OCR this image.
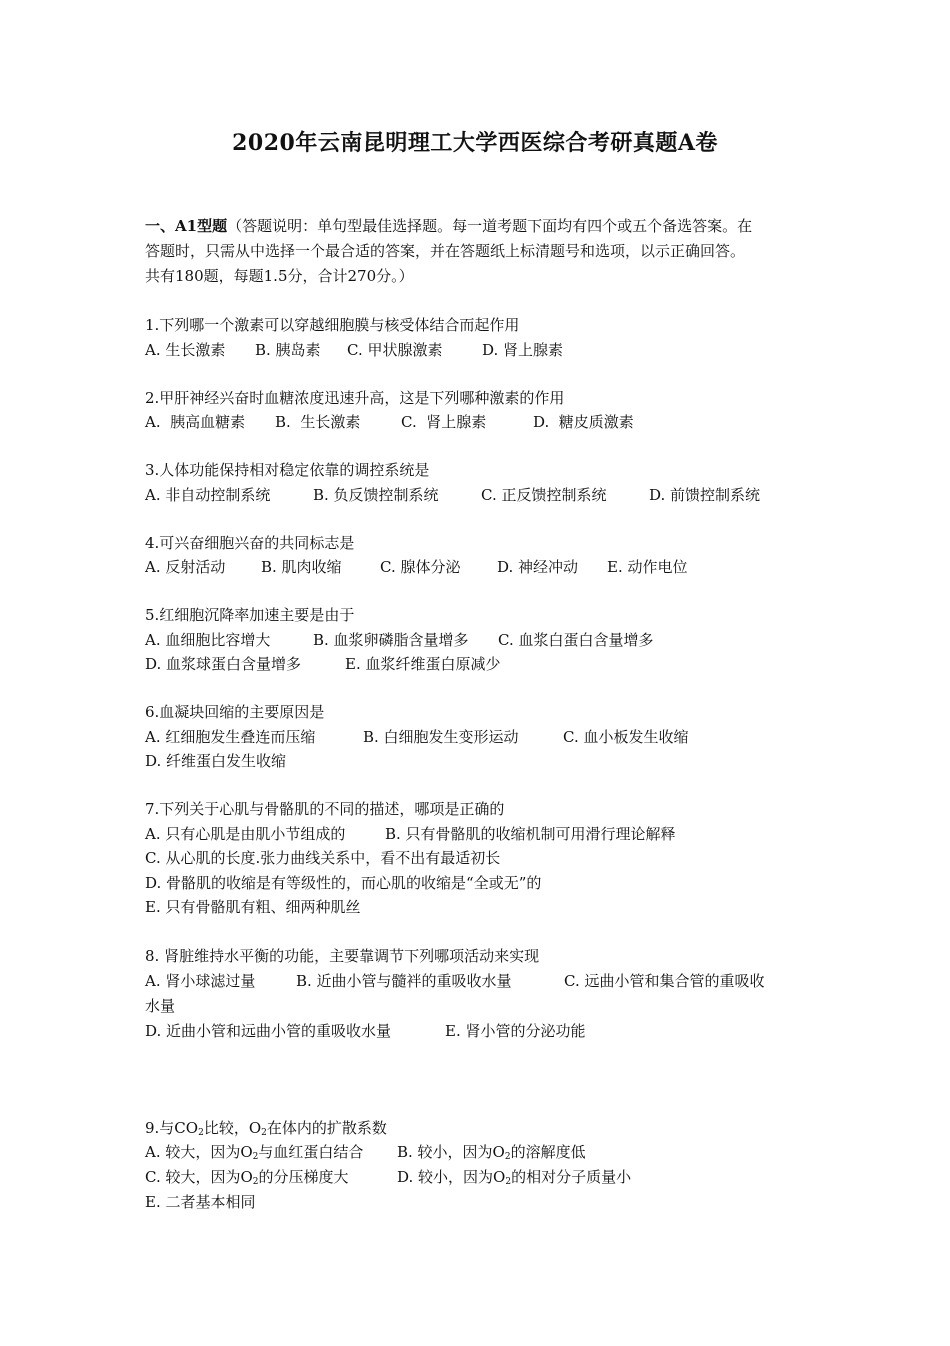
2020年云南昆明理工大学西医综合考研真题A卷
一、A1型题（答题说明：单句型最佳选择题。每一道考题下面均有四个或五个备选答案。在
答题时，只需从中选择一个最合适的答案，并在答题纸上标清题号和选项，以示正确回答。
共有180题，每题1.5分，合计270分。）
1.下列哪一个激素可以穿越细胞膜与核受体结合而起作用
A. 生长激素 B. 胰岛素 C. 甲状腺激素	D. 肾上腺素
2.甲肝神经兴奋时血糖浓度迅速升高，这是下列哪种激素的作用
A.  胰高血糖素 B.  生长激素	C.  肾上腺素	D.  糖皮质激素
3.人体功能保持相对稳定依靠的调控系统是
A. 非自动控制系统	B. 负反馈控制系统	C. 正反馈控制系统	D. 前馈控制系统
4.可兴奋细胞兴奋的共同标志是
A. 反射活动 B. 肌肉收缩	C. 腺体分泌 D. 神经冲动 E. 动作电位
5.红细胞沉降率加速主要是由于
A. 血细胞比容增大	B. 血浆卵磷脂含量增多 C. 血浆白蛋白含量增多
D. 血浆球蛋白含量增多	E. 血浆纤维蛋白原减少
6.血凝块回缩的主要原因是
A. 红细胞发生叠连而压缩	B. 白细胞发生变形运动	C. 血小板发生收缩
D. 纤维蛋白发生收缩
7.下列关于心肌与骨骼肌的不同的描述，哪项是正确的
A. 只有心肌是由肌小节组成的	B. 只有骨骼肌的收缩机制可用滑行理论解释
C. 从心肌的长度.张力曲线关系中，看不出有最适初长
D. 骨骼肌的收缩是有等级性的，而心肌的收缩是“全或无”的
E. 只有骨骼肌有粗、细两种肌丝
8. 肾脏维持水平衡的功能，主要靠调节下列哪项活动来实现
A. 肾小球滤过量	B. 近曲小管与髓袢的重吸收水量	C. 远曲小管和集合管的重吸收
水量
D. 近曲小管和远曲小管的重吸收水量	E. 肾小管的分泌功能
9.与$CO_2$比较，$O_2$在体内的扩散系数
A. 较大，因为$O_2$与血红蛋白结合 B. 较小，因为$O_2$的溶解度低
C. 较大，因为$O_2$的分压梯度大	D. 较小，因为$O_2$的相对分子质量小
E. 二者基本相同
